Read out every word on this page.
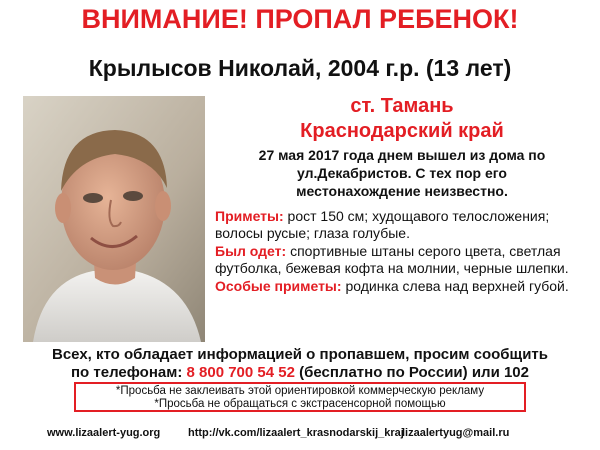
ВНИМАНИЕ! ПРОПАЛ РЕБЕНОК!
Крылысов Николай, 2004 г.р. (13 лет)
ст. Тамань
Краснодарский край
27 мая 2017 года днем вышел из дома по
ул.Декабристов. С тех пор его
местонахождение неизвестно.

Приметы: рост 150 см; худощавого телосложения; волосы русые; глаза голубые.

Был одет: спортивные штаны серого цвета, светлая футболка, бежевая кофта на молнии, черные шлепки.

Особые приметы: родинка слева над верхней губой.

Всех, кто обладает информацией о пропавшем, просим сообщить
по телефонам: 8 800 700 54 52 (бесплатно по России) или 102
*Просьба не заклеивать этой ориентировкой коммерческую рекламу
*Просьба не обращаться с экстрасенсорной помощью
www.lizaalert-yug.org	http://vk.com/lizaalert_krasnodarskij_kraj
lizaalertyug@mail.ru
